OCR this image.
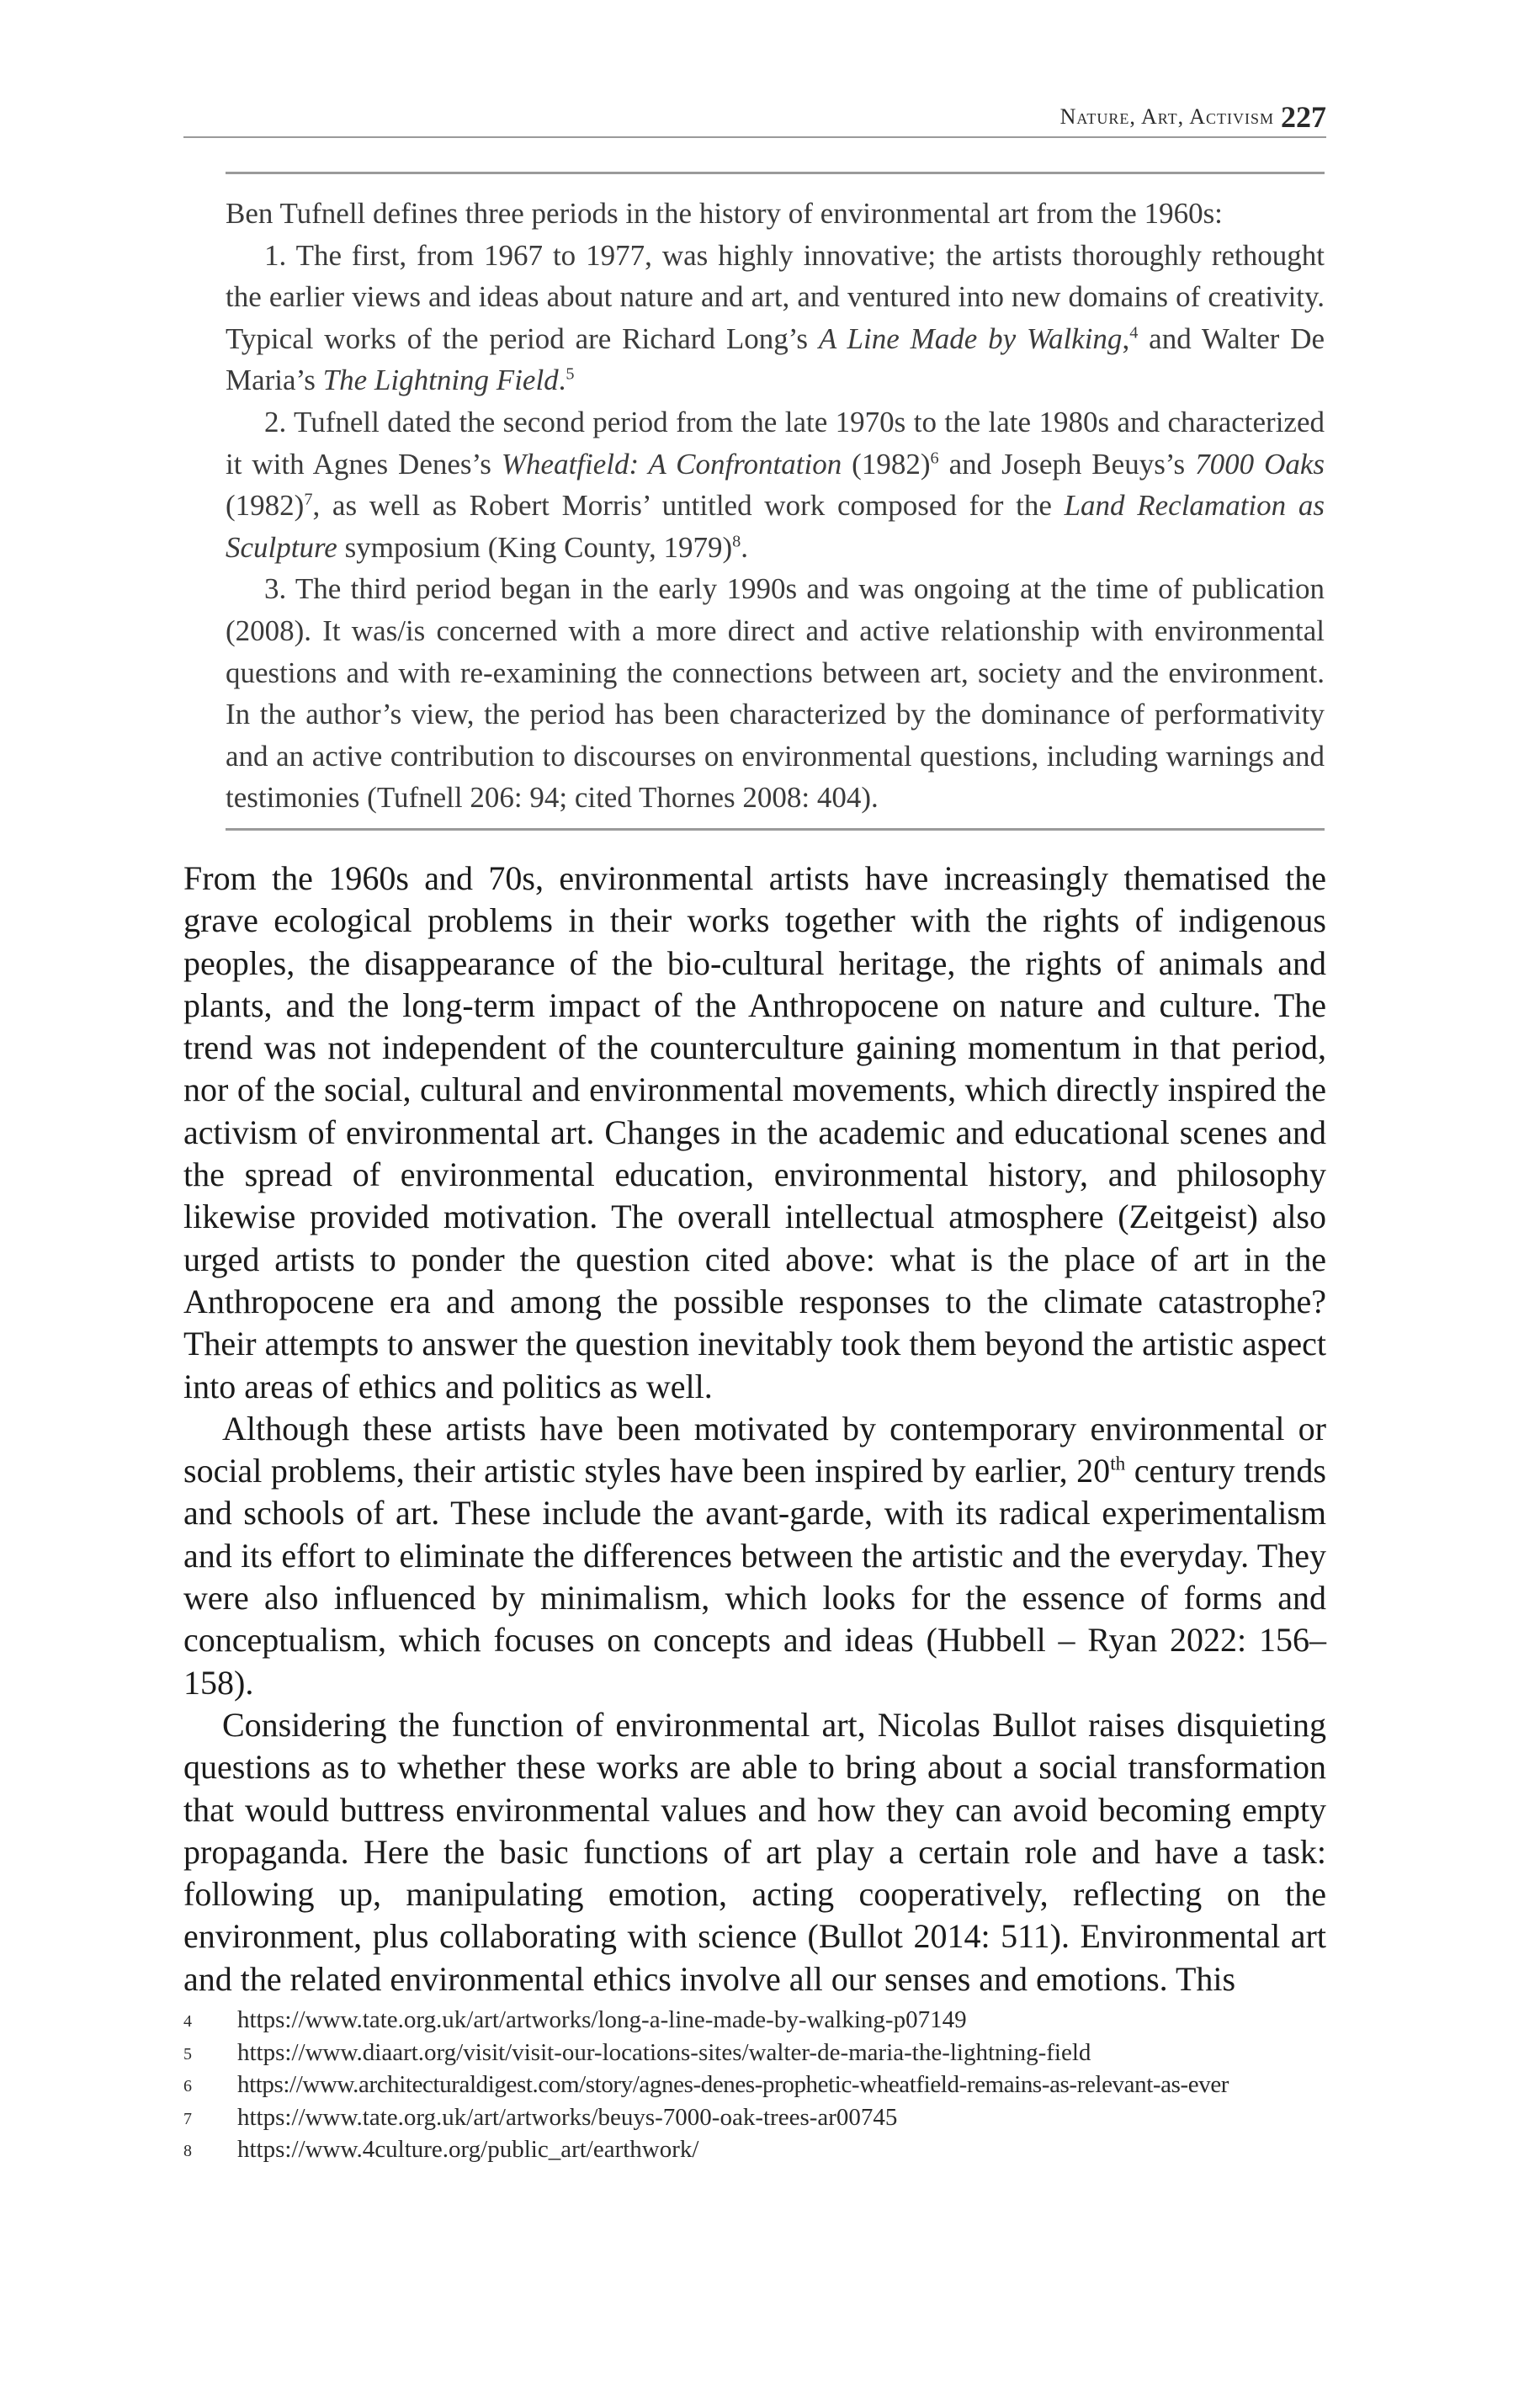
Nature, Art, Activism 227

Ben Tufnell defines three periods in the history of environmental art from the 1960s:

1. The first, from 1967 to 1977, was highly innovative; the artists thoroughly rethought the earlier views and ideas about nature and art, and ventured into new domains of creativity. Typical works of the period are Richard Long’s A Line Made by Walking,$^4$ and Walter De Maria’s The Lightning Field.$^5$

2. Tufnell dated the second period from the late 1970s to the late 1980s and characterized it with Agnes Denes’s Wheatfield: A Confrontation $(1982)^6$ and Joseph Beuys’s 7000 Oaks $(1982)^7$, as well as Robert Morris’ untitled work composed for the Land Reclamation as Sculpture symposium (King County, 1979)$^8$.

3. The third period began in the early 1990s and was ongoing at the time of publication (2008). It was/is concerned with a more direct and active relationship with environmental questions and with re-examining the connections between art, society and the environment. In the author’s view, the period has been characterized by the dominance of performativity and an active contribution to discourses on environmental questions, including warnings and testimonies (Tufnell 206: 94; cited Thornes 2008: 404).

From the 1960s and 70s, environmental artists have increasingly thematised the grave ecological problems in their works together with the rights of indigenous peoples, the disappearance of the bio-cultural heritage, the rights of animals and plants, and the long-term impact of the Anthropocene on nature and culture. The trend was not independent of the counterculture gaining momentum in that period, nor of the social, cultural and environmental movements, which directly inspired the activism of environmental art. Changes in the academic and educational scenes and the spread of environmental education, environmental history, and philosophy likewise provided motivation. The overall intellectual atmosphere (Zeitgeist) also urged artists to ponder the question cited above: what is the place of art in the Anthropocene era and among the possible responses to the climate catastrophe? Their attempts to answer the question inevitably took them beyond the artistic aspect into areas of ethics and politics as well.

Although these artists have been motivated by contemporary environmental or social problems, their artistic styles have been inspired by earlier, 20th century trends and schools of art. These include the avant-garde, with its radical experimentalism and its effort to eliminate the differences between the artistic and the everyday. They were also influenced by minimalism, which looks for the essence of forms and conceptualism, which focuses on concepts and ideas (Hubbell – Ryan 2022: 156–158).

Considering the function of environmental art, Nicolas Bullot raises disquieting questions as to whether these works are able to bring about a social transformation that would buttress environmental values and how they can avoid becoming empty propaganda. Here the basic functions of art play a certain role and have a task: following up, manipulating emotion, acting cooperatively, reflecting on the environment, plus collaborating with science (Bullot 2014: 511). Environmental art and the related environmental ethics involve all our senses and emotions. This

4	https://www.tate.org.uk/art/artworks/long-a-line-made-by-walking-p07149
5	https://www.diaart.org/visit/visit-our-locations-sites/walter-de-maria-the-lightning-field
6	https://www.architecturaldigest.com/story/agnes-denes-prophetic-wheatfield-remains-as-relevant-as-ever
7	https://www.tate.org.uk/art/artworks/beuys-7000-oak-trees-ar00745
8	https://www.4culture.org/public_art/earthwork/
